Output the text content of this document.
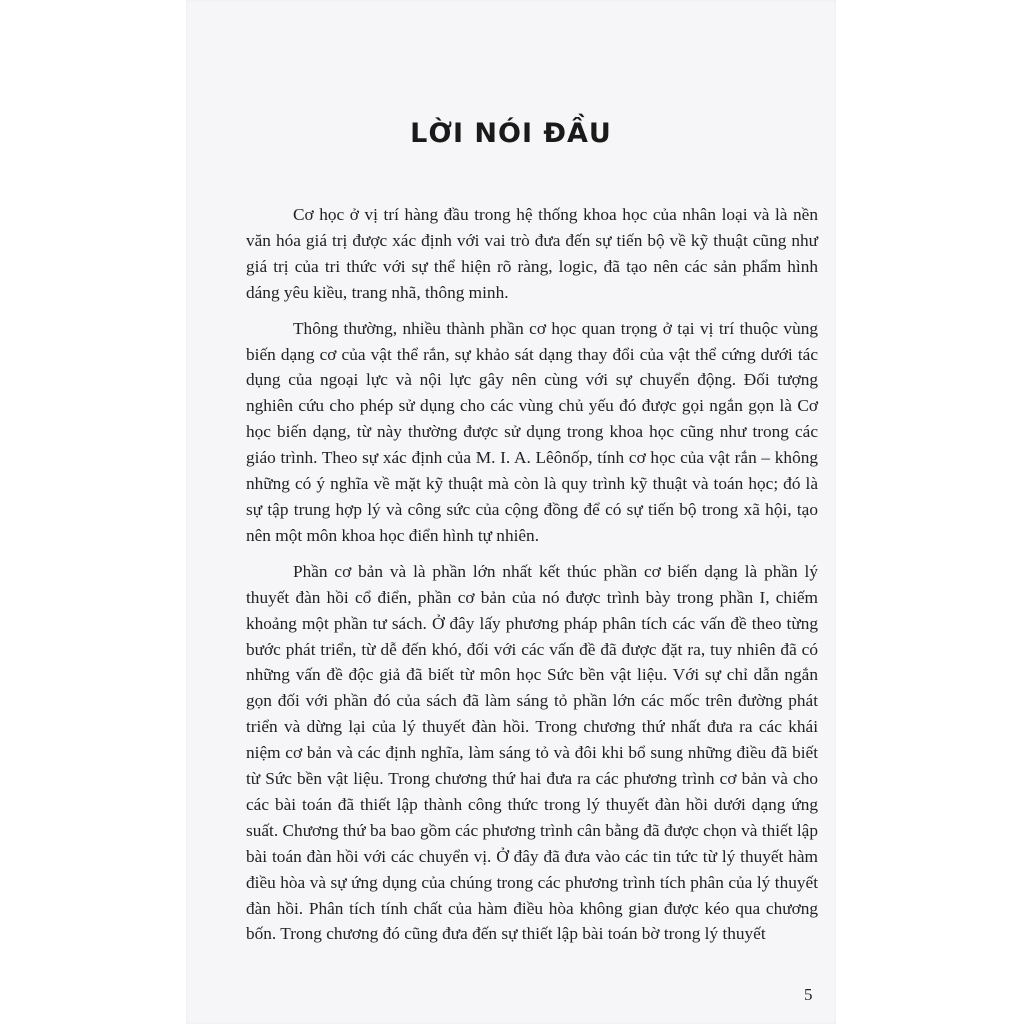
LỜI NÓI ĐẦU

Cơ học ở vị trí hàng đầu trong hệ thống khoa học của nhân loại và là nền văn hóa giá trị được xác định với vai trò đưa đến sự tiến bộ về kỹ thuật cũng như giá trị của tri thức với sự thể hiện rõ ràng, logic, đã tạo nên các sản phẩm hình dáng yêu kiều, trang nhã, thông minh.

Thông thường, nhiều thành phần cơ học quan trọng ở tại vị trí thuộc vùng biến dạng cơ của vật thể rắn, sự khảo sát dạng thay đổi của vật thể cứng dưới tác dụng của ngoại lực và nội lực gây nên cùng với sự chuyển động. Đối tượng nghiên cứu cho phép sử dụng cho các vùng chủ yếu đó được gọi ngắn gọn là Cơ học biến dạng, từ này thường được sử dụng trong khoa học cũng như trong các giáo trình. Theo sự xác định của M. I. A. Lêônốp, tính cơ học của vật rắn – không những có ý nghĩa về mặt kỹ thuật mà còn là quy trình kỹ thuật và toán học; đó là sự tập trung hợp lý và công sức của cộng đồng để có sự tiến bộ trong xã hội, tạo nên một môn khoa học điển hình tự nhiên.

Phần cơ bản và là phần lớn nhất kết thúc phần cơ biến dạng là phần lý thuyết đàn hồi cổ điển, phần cơ bản của nó được trình bày trong phần I, chiếm khoảng một phần tư sách. Ở đây lấy phương pháp phân tích các vấn đề theo từng bước phát triển, từ dễ đến khó, đối với các vấn đề đã được đặt ra, tuy nhiên đã có những vấn đề độc giả đã biết từ môn học Sức bền vật liệu. Với sự chỉ dẫn ngắn gọn đối với phần đó của sách đã làm sáng tỏ phần lớn các mốc trên đường phát triển và dừng lại của lý thuyết đàn hồi. Trong chương thứ nhất đưa ra các khái niệm cơ bản và các định nghĩa, làm sáng tỏ và đôi khi bổ sung những điều đã biết từ Sức bền vật liệu. Trong chương thứ hai đưa ra các phương trình cơ bản và cho các bài toán đã thiết lập thành công thức trong lý thuyết đàn hồi dưới dạng ứng suất. Chương thứ ba bao gồm các phương trình cân bằng đã được chọn và thiết lập bài toán đàn hồi với các chuyển vị. Ở đây đã đưa vào các tin tức từ lý thuyết hàm điều hòa và sự ứng dụng của chúng trong các phương trình tích phân của lý thuyết đàn hồi. Phân tích tính chất của hàm điều hòa không gian được kéo qua chương bốn. Trong chương đó cũng đưa đến sự thiết lập bài toán bờ trong lý thuyết

5
